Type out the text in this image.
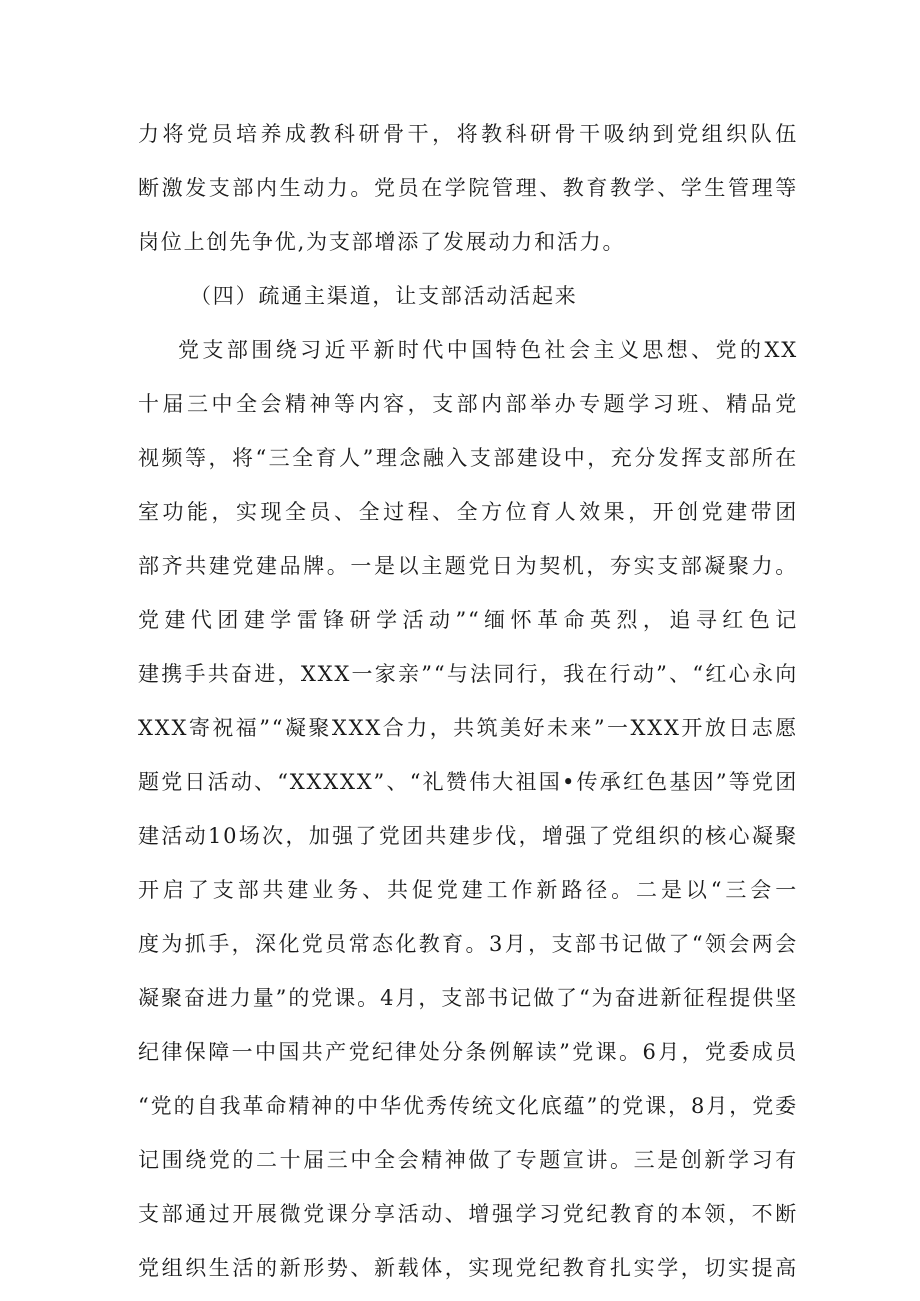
力将党员培养成教科研骨干，将教科研骨干吸纳到党组织队伍
断激发支部内生动力。党员在学院管理、教育教学、学生管理等
岗位上创先争优,为支部增添了发展动力和活力。
（四）疏通主渠道，让支部活动活起来
党支部围绕习近平新时代中国特色社会主义思想、党的XX
十届三中全会精神等内容，支部内部举办专题学习班、精品党
视频等，将“三全育人”理念融入支部建设中，充分发挥支部所在
室功能，实现全员、全过程、全方位育人效果，开创党建带团
部齐共建党建品牌。一是以主题党日为契机，夯实支部凝聚力。
党建代团建学雷锋研学活动”“缅怀革命英烈，追寻红色记
建携手共奋进，XXX一家亲”“与法同行，我在行动”、“红心永向
XXX寄祝福”“凝聚XXX合力，共筑美好未来”一XXX开放日志愿
题党日活动、“XXXXX”、“礼赞伟大祖国•传承红色基因”等党团
建活动10场次，加强了党团共建步伐，增强了党组织的核心凝聚
开启了支部共建业务、共促党建工作新路径。二是以“三会一
度为抓手，深化党员常态化教育。3月，支部书记做了“领会两会
凝聚奋进力量”的党课。4月，支部书记做了“为奋进新征程提供坚
纪律保障一中国共产党纪律处分条例解读”党课。6月，党委成员
“党的自我革命精神的中华优秀传统文化底蕴”的党课，8月，党委
记围绕党的二十届三中全会精神做了专题宣讲。三是创新学习有
支部通过开展微党课分享活动、增强学习党纪教育的本领，不断
党组织生活的新形势、新载体，实现党纪教育扎实学，切实提高
